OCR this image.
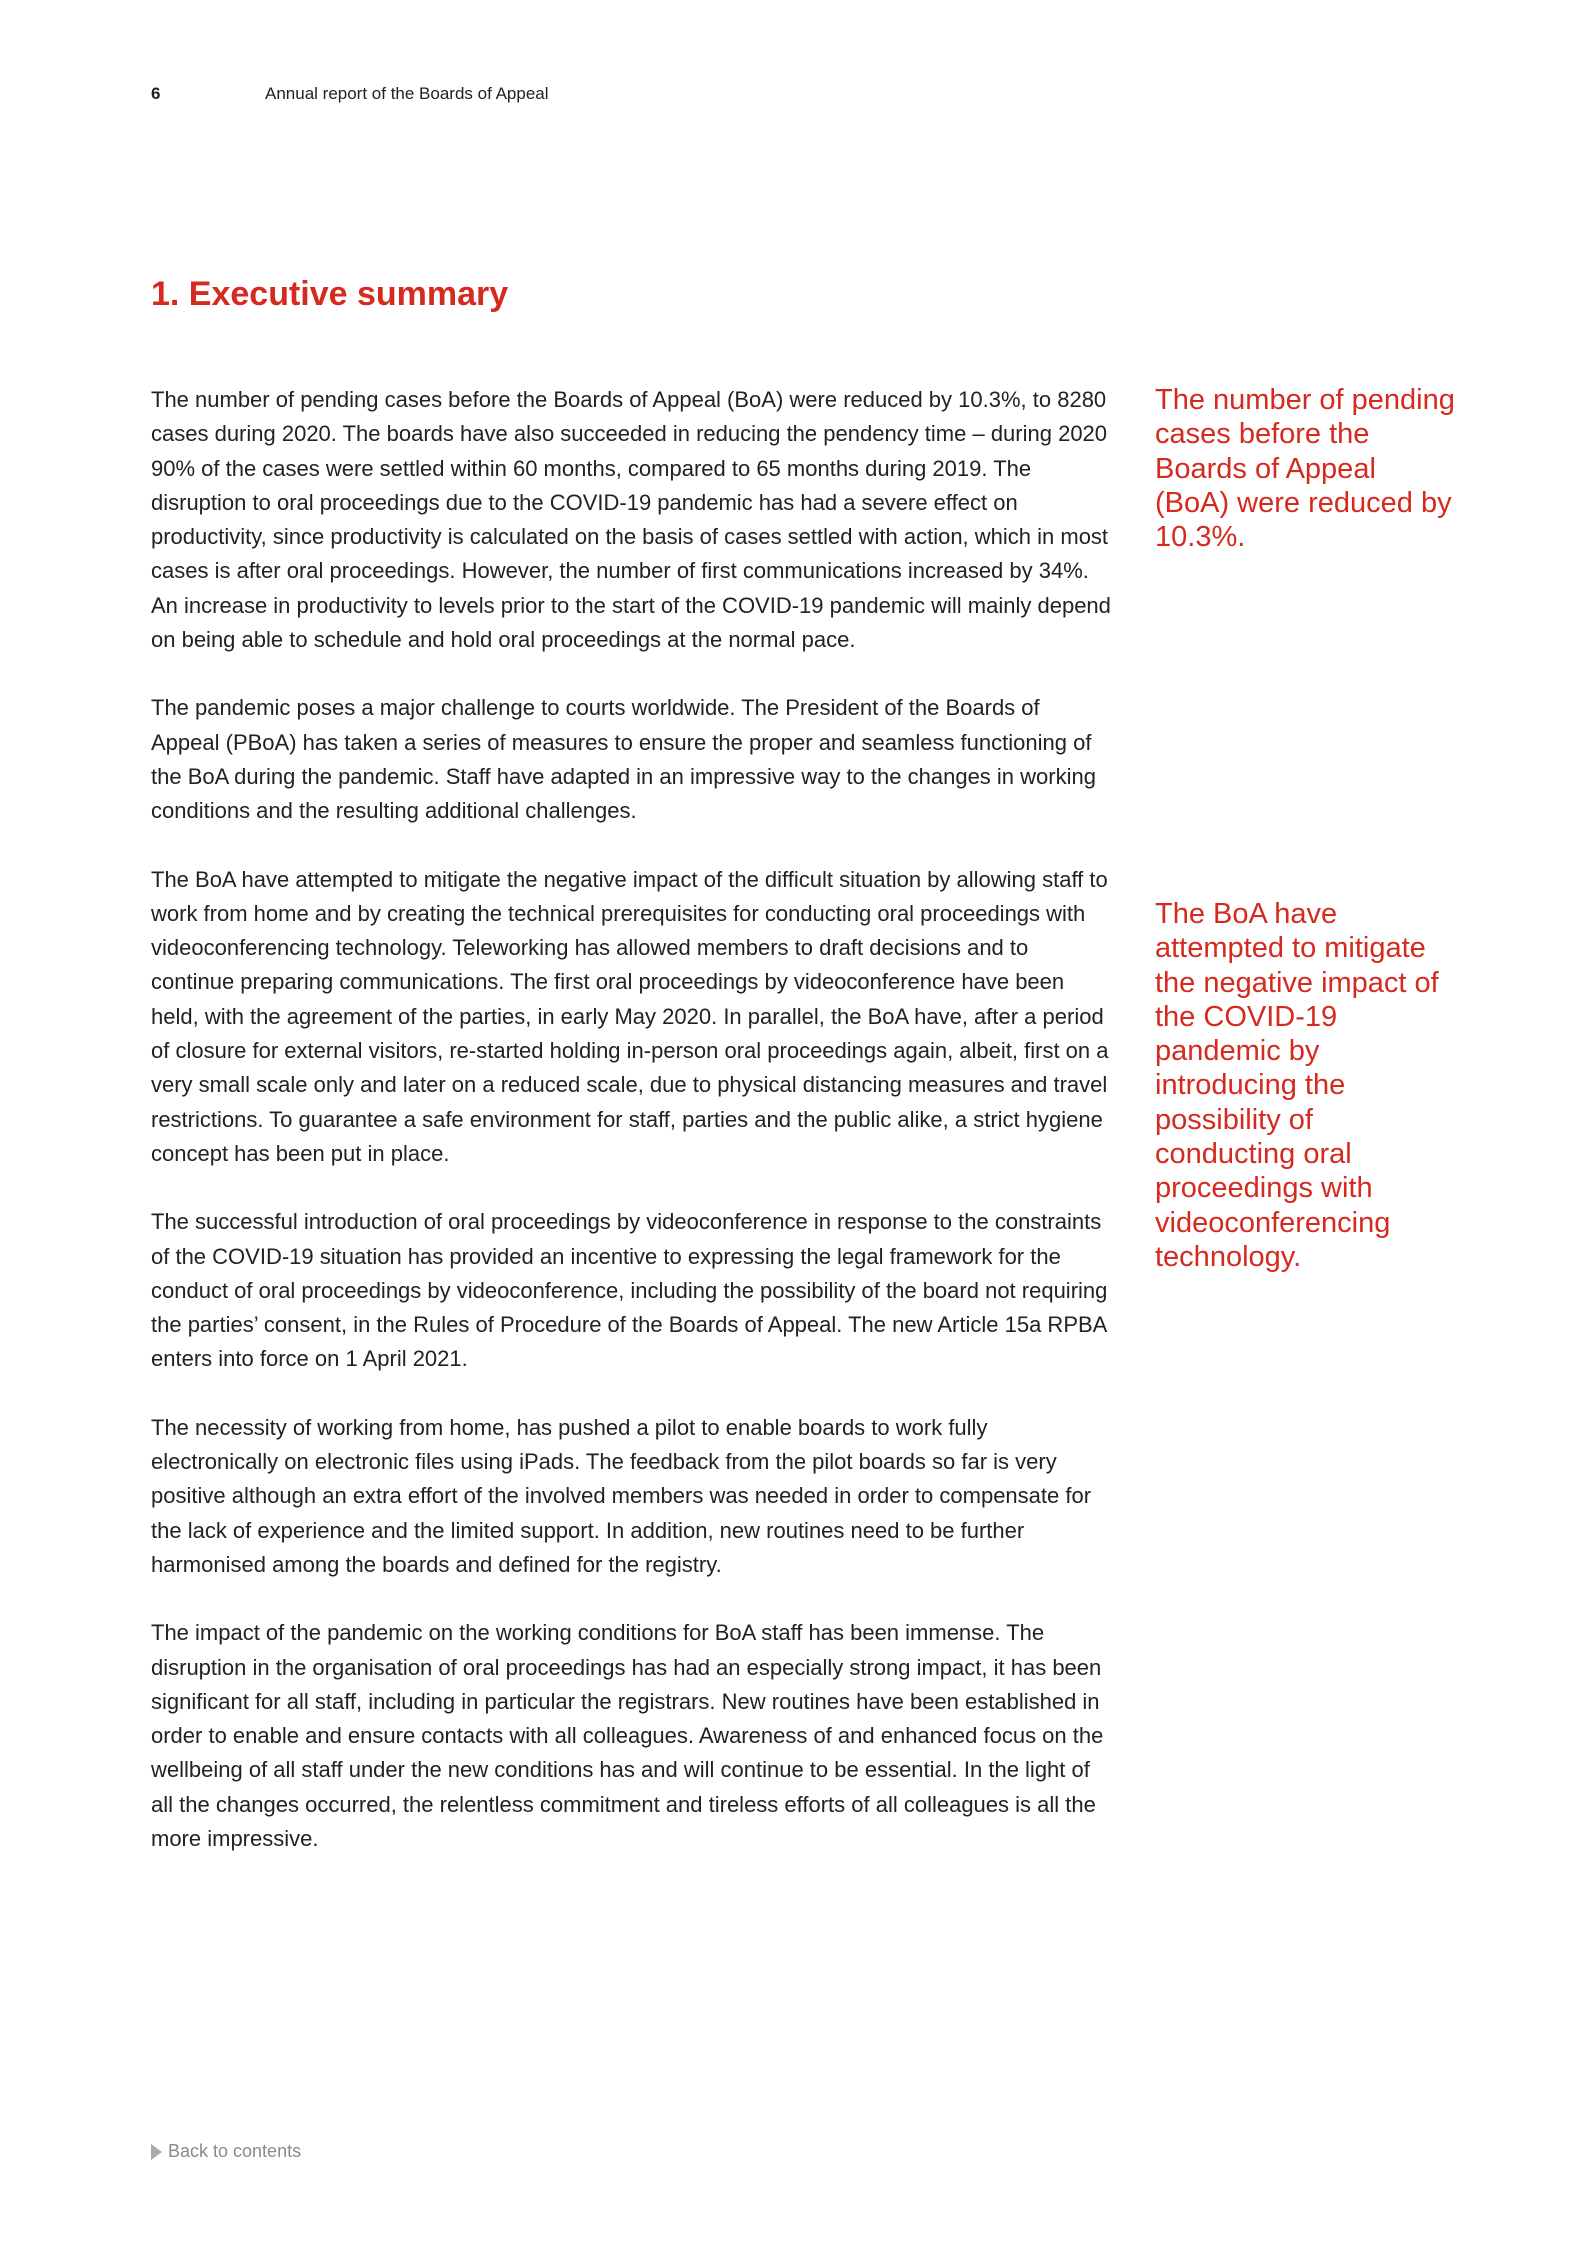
6	Annual report of the Boards of Appeal
1. Executive summary

The number of pending cases before the Boards of Appeal (BoA) were reduced by 10.3%, to 8280 cases during 2020. The boards have also succeeded in reducing the pendency time – during 2020 90% of the cases were settled within 60 months, compared to 65 months during 2019. The disruption to oral proceedings due to the COVID-19 pandemic has had a severe effect on productivity, since productivity is calculated on the basis of cases settled with action, which in most cases is after oral proceedings. However, the number of first communications increased by 34%. An increase in productivity to levels prior to the start of the COVID-19 pandemic will mainly depend on being able to schedule and hold oral proceedings at the normal pace.

The pandemic poses a major challenge to courts worldwide. The President of the Boards of Appeal (PBoA) has taken a series of measures to ensure the proper and seamless functioning of the BoA during the pandemic. Staff have adapted in an impressive way to the changes in working conditions and the resulting additional challenges.

The BoA have attempted to mitigate the negative impact of the difficult situation by allowing staff to work from home and by creating the technical prerequisites for conducting oral proceedings with videoconferencing technology. Teleworking has allowed members to draft decisions and to continue preparing communications. The first oral proceedings by videoconference have been held, with the agreement of the parties, in early May 2020. In parallel, the BoA have, after a period of closure for external visitors, re-started holding in-person oral proceedings again, albeit, first on a very small scale only and later on a reduced scale, due to physical distancing measures and travel restrictions. To guarantee a safe environment for staff, parties and the public alike, a strict hygiene concept has been put in place.

The successful introduction of oral proceedings by videoconference in response to the constraints of the COVID-19 situation has provided an incentive to expressing the legal framework for the conduct of oral proceedings by videoconference, including the possibility of the board not requiring the parties’ consent, in the Rules of Procedure of the Boards of Appeal. The new Article 15a RPBA enters into force on 1 April 2021.

The necessity of working from home, has pushed a pilot to enable boards to work fully electronically on electronic files using iPads. The feedback from the pilot boards so far is very positive although an extra effort of the involved members was needed in order to compensate for the lack of experience and the limited support. In addition, new routines need to be further harmonised among the boards and defined for the registry.

The impact of the pandemic on the working conditions for BoA staff has been immense. The disruption in the organisation of oral proceedings has had an especially strong impact, it has been significant for all staff, including in particular the registrars. New routines have been established in order to enable and ensure contacts with all colleagues. Awareness of and enhanced focus on the wellbeing of all staff under the new conditions has and will continue to be essential. In the light of all the changes occurred, the relentless commitment and tireless efforts of all colleagues is all the more impressive.

The number of pending cases before the Boards of Appeal (BoA) were reduced by 10.3%.

The BoA have attempted to mitigate the negative impact of the COVID-19 pandemic by introducing the possibility of conducting oral proceedings with videoconferencing technology.

Back to contents
